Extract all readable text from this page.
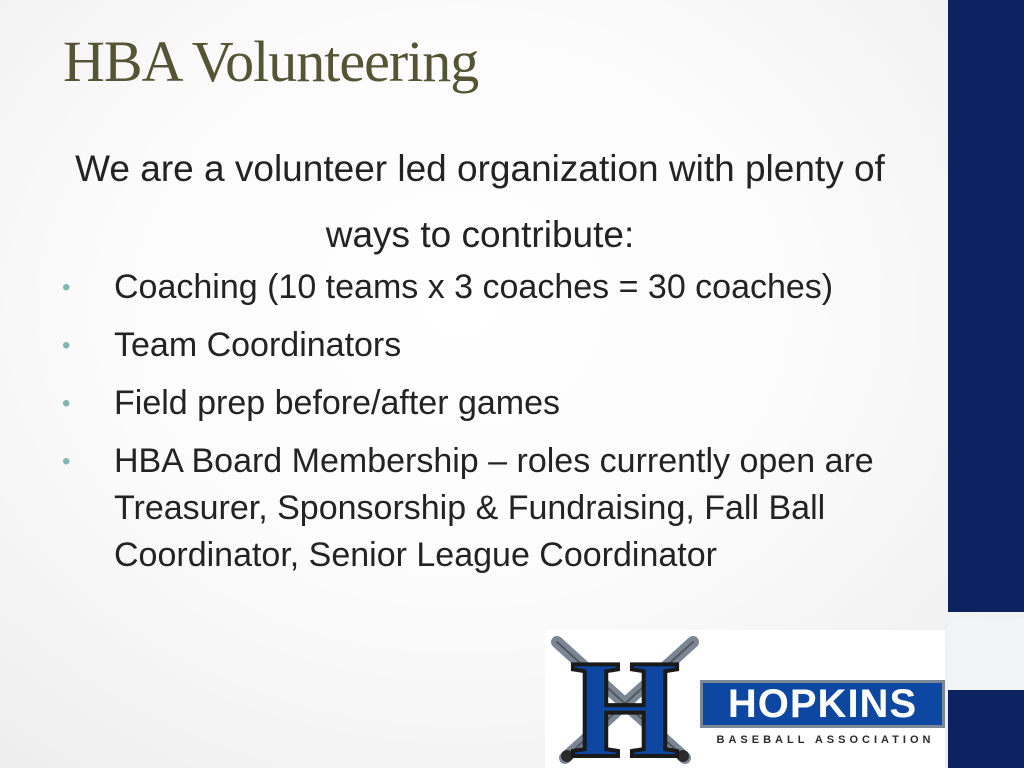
HBA Volunteering
We are a volunteer led organization with plenty of ways to contribute:
• Coaching (10 teams x 3 coaches = 30 coaches)
• Team Coordinators
• Field prep before/after games
• HBA Board Membership – roles currently open are Treasurer, Sponsorship & Fundraising, Fall Ball Coordinator, Senior League Coordinator
H	HOPKINS
BASEBALL ASSOCIATION
